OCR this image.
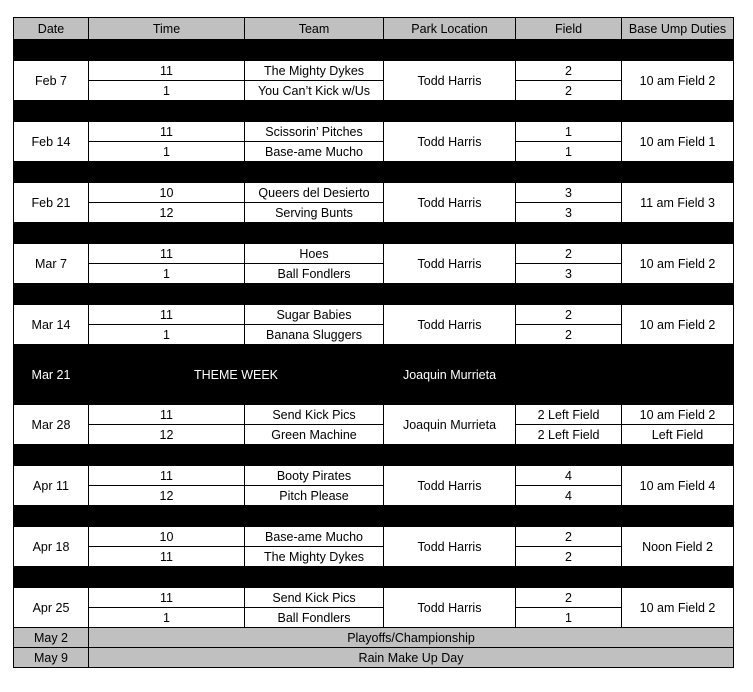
Date	Time	Team	Park Location	Field	Base Ump Duties

Feb 7	11	The Mighty Dykes	Todd Harris	2	10 am Field 2
	1	You Can’t Kick w/Us		2	

Feb 14	11	Scissorin’ Pitches	Todd Harris	1	10 am Field 1
	1	Base-ame Mucho		1	

Feb 21	10	Queers del Desierto	Todd Harris	3	11 am Field 3
	12	Serving Bunts		3	

Mar 7	11	Hoes	Todd Harris	2	10 am Field 2
	1	Ball Fondlers		3	

Mar 14	11	Sugar Babies	Todd Harris	2	10 am Field 2
	1	Banana Sluggers		2	
Mar 21	THEME WEEK		Joaquin Murrieta		
Mar 28	11	Send Kick Pics	Joaquin Murrieta	2 Left Field	10 am Field 2
	12	Green Machine		2 Left Field	Left Field

Apr 11	11	Booty Pirates	Todd Harris	4	10 am Field 4
	12	Pitch Please		4	

Apr 18	10	Base-ame Mucho	Todd Harris	2	Noon Field 2
	11	The Mighty Dykes		2	

Apr 25	11	Send Kick Pics	Todd Harris	2	10 am Field 2
	1	Ball Fondlers		1	
May 2	Playoffs/Championship				
May 9	Rain Make Up Day				
